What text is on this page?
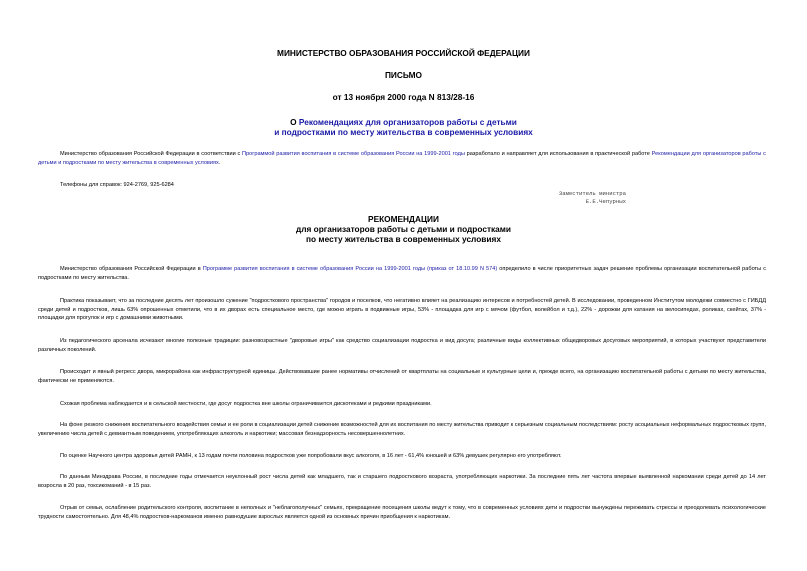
МИНИСТЕРСТВО ОБРАЗОВАНИЯ РОССИЙСКОЙ ФЕДЕРАЦИИ
ПИСЬМО
от 13 ноября 2000 года N 813/28-16
О Рекомендациях для организаторов работы с детьми
и подростками по месту жительства в современных условиях
Министерство образования Российской Федерации в соответствии с Программой развития воспитания в системе образования России на 1999-2001 годы разработало и направляет для использования в практической работе Рекомендации для организаторов работы с детьми и подростками по месту жительства в современных условиях.
Телефоны для справок: 924-2769, 925-6284
Заместитель министра
Е.Е.Чепурных
РЕКОМЕНДАЦИИ
для организаторов работы с детьми и подростками
по месту жительства в современных условиях
Министерство образования Российской Федерации в Программе развития воспитания в системе образования России на 1999-2001 годы (приказ от 18.10.99 N 574) определило в числе приоритетных задач решение проблемы организации воспитательной работы с подростками по месту жительства.
Практика показывает, что за последние десять лет произошло сужение "подросткового пространства" городов и поселков, что негативно влияет на реализацию интересов и потребностей детей. В исследовании, проведенном Институтом молодежи совместно с ГИБДД среди детей и подростков, лишь 63% опрошенных отметили, что в их дворах есть специальное место, где можно играть в подвижные игры, 53% - площадка для игр с мячом (футбол, волейбол и т.д.), 22% - дорожки для катания на велосипедах, роликах, скейтах, 37% - площадки для прогулок и игр с домашними животными.
Из педагогического арсенала исчезают многие полезные традиции: разновозрастные "дворовые игры" как средство социализации подростка и вид досуга; различные виды коллективных общедворовых досуговых мероприятий, в которых участвуют представители различных поколений.
Происходит и явный регресс двора, микрорайона как инфраструктурной единицы. Действовавшие ранее нормативы отчислений от квартплаты на социальные и культурные цели и, прежде всего, на организацию воспитательной работы с детьми по месту жительства, фактически не применяются.
Схожая проблема наблюдается и в сельской местности, где досуг подростка вне школы ограничивается дискотеками и редкими праздниками.
На фоне резкого снижения воспитательного воздействия семьи и ее роли в социализации детей снижение возможностей для их воспитания по месту жительства приводит к серьезным социальным последствиям: росту асоциальных неформальных подростковых групп, увеличению числа детей с девиантным поведением, употребляющих алкоголь и наркотики; массовая безнадзорность несовершеннолетних.
По оценке Научного центра здоровья детей РАМН, к 13 годам почти половина подростков уже попробовали вкус алкоголя, в 16 лет - 61,4% юношей и 63% девушек регулярно его употребляют.
По данным Минздрава России, в последние годы отмечается неуклонный рост числа детей как младшего, так и старшего подросткового возраста, употребляющих наркотики. За последние пять лет частота впервые выявленной наркомании среди детей до 14 лет возросла в 20 раз, токсикоманий - в 15 раз.
Отрыв от семьи, ослабление родительского контроля, воспитание в неполных и "неблагополучных" семьях, прекращение посещения школы ведут к тому, что в современных условиях дети и подростки вынуждены переживать стрессы и преодолевать психологические трудности самостоятельно. Для 48,4% подростков-наркоманов именно равнодушие взрослых является одной из основных причин приобщения к наркотикам.
